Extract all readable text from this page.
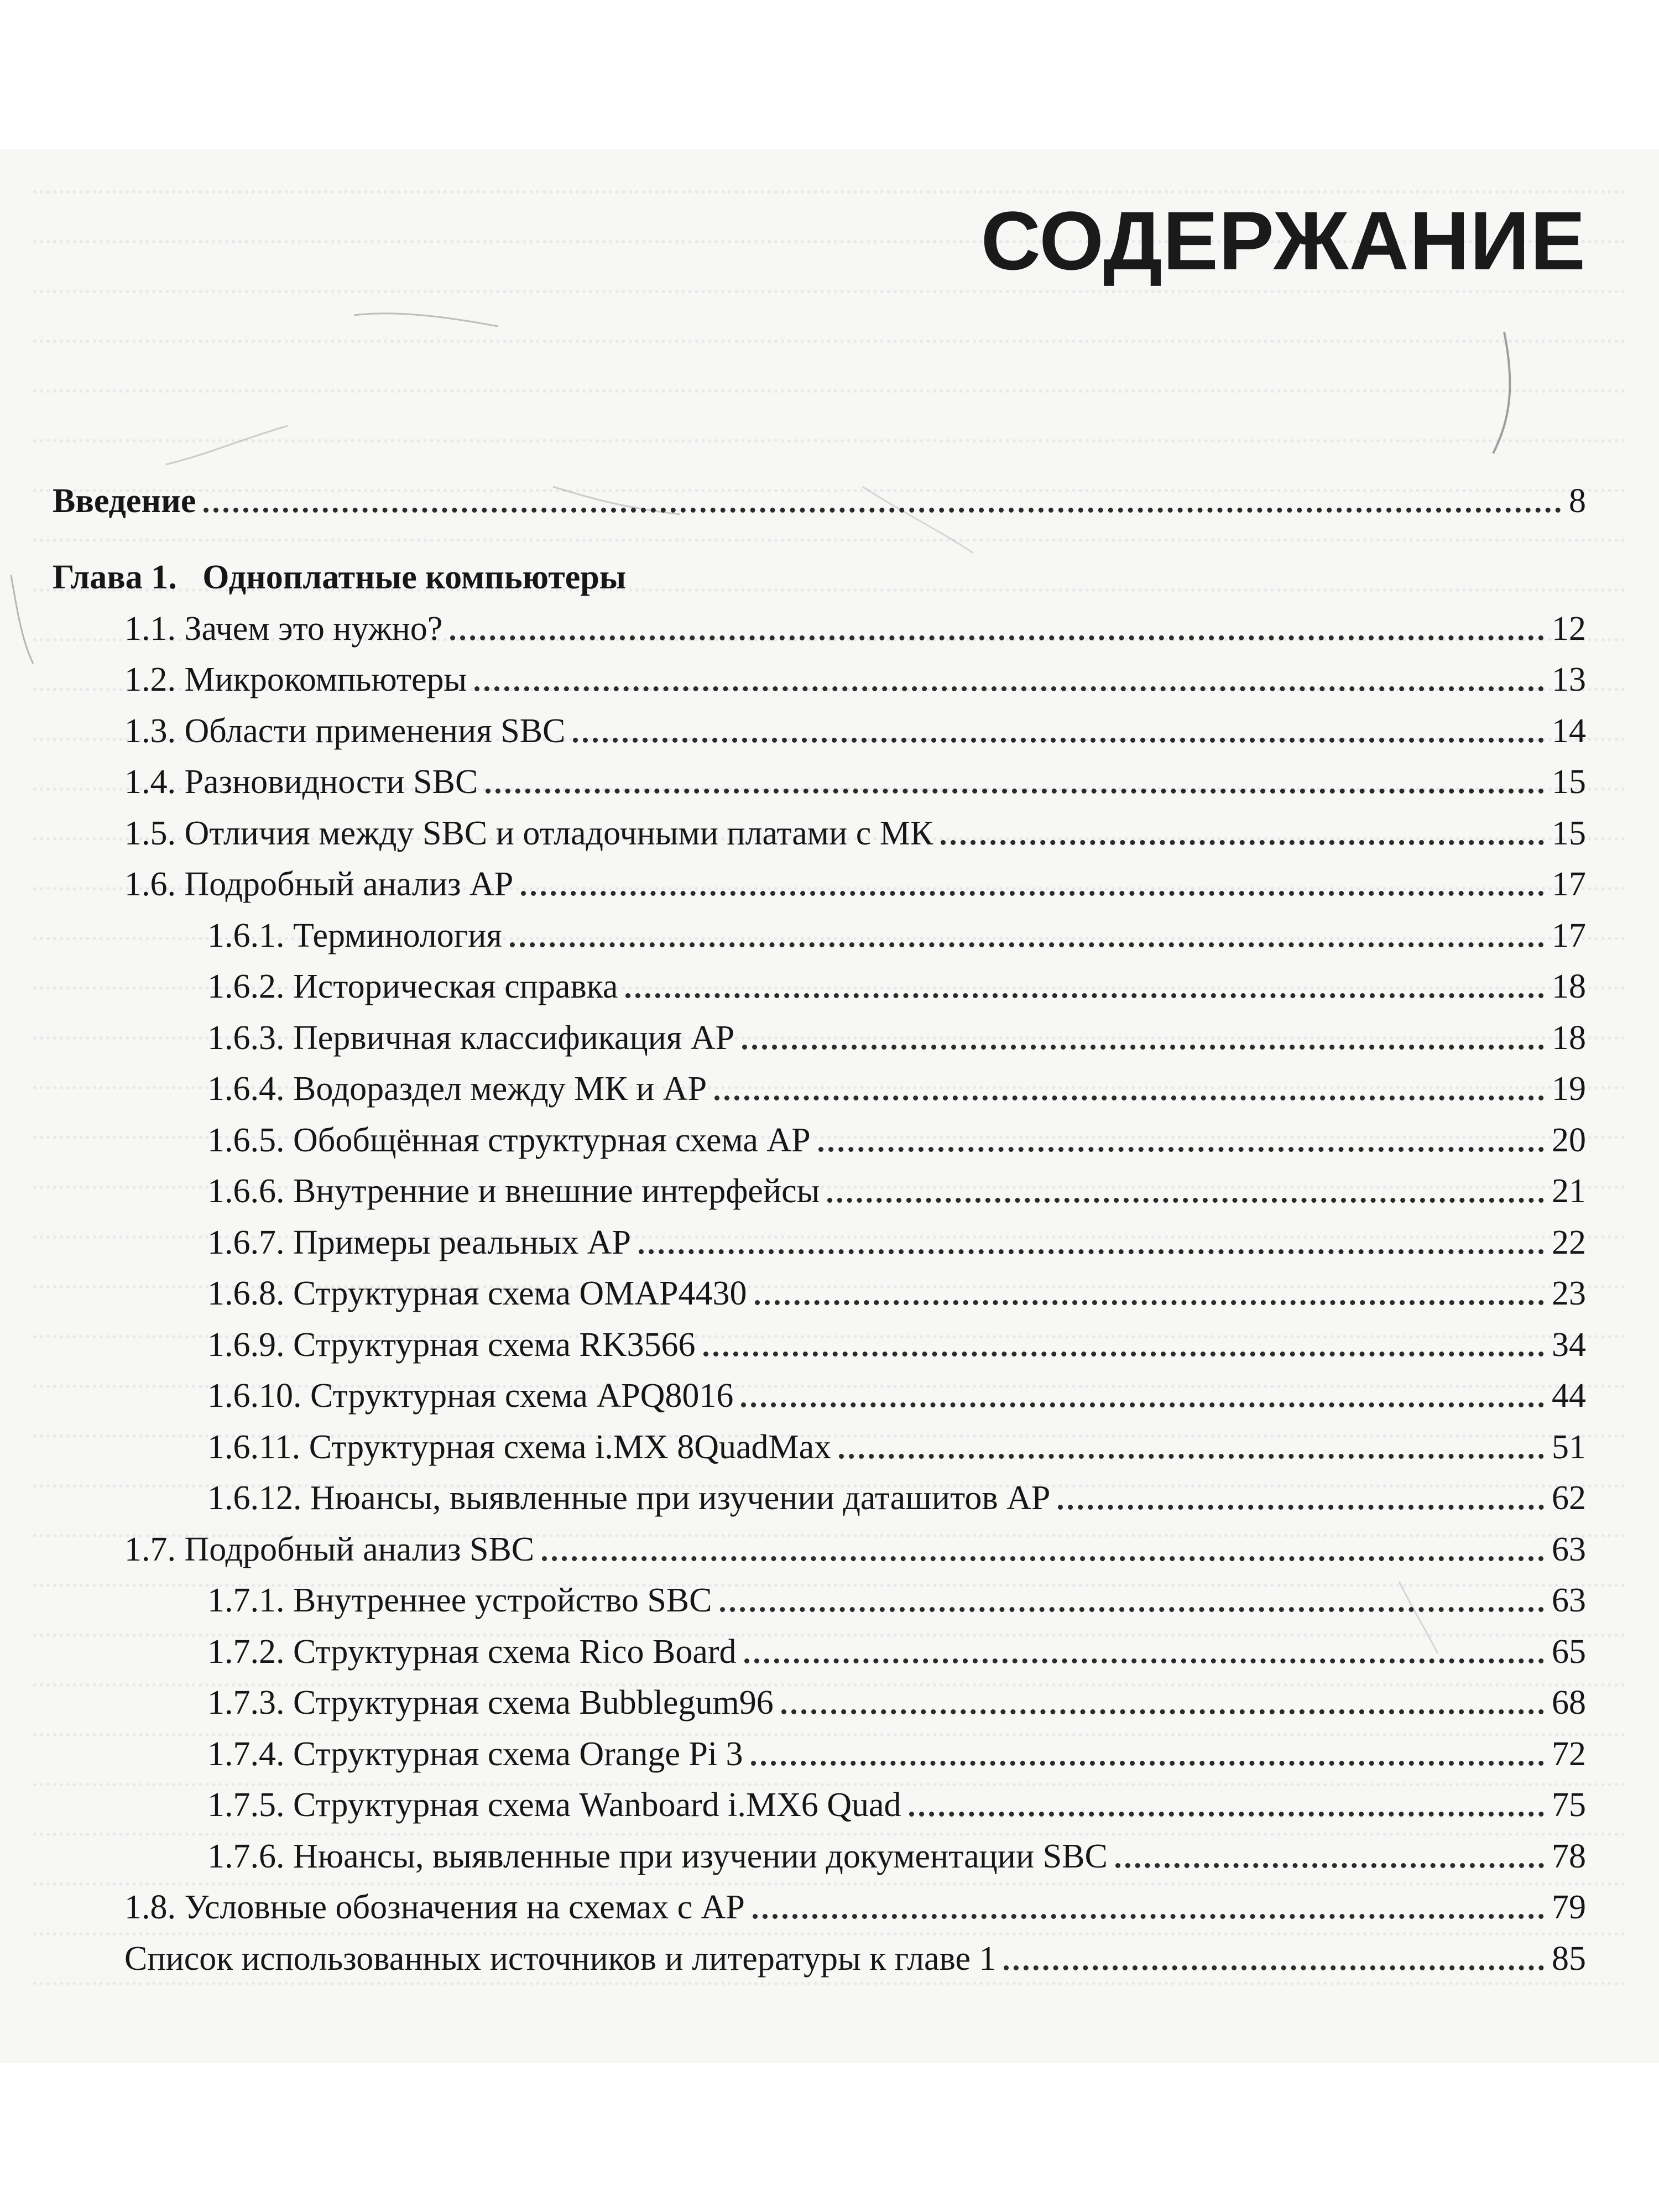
СОДЕРЖАНИЕ
Введение	8
Глава 1.   Одноплатные компьютеры
1.1. Зачем это нужно?	12
1.2. Микрокомпьютеры	13
1.3. Области применения SBC	14
1.4. Разновидности SBC	15
1.5. Отличия между SBC и отладочными платами с МК	15
1.6. Подробный анализ AP	17
1.6.1. Терминология	17
1.6.2. Историческая справка	18
1.6.3. Первичная классификация AP	18
1.6.4. Водораздел между МК и AP	19
1.6.5. Обобщённая структурная схема AP	20
1.6.6. Внутренние и внешние интерфейсы	21
1.6.7. Примеры реальных AP	22
1.6.8. Структурная схема OMAP4430	23
1.6.9. Структурная схема RK3566	34
1.6.10. Структурная схема APQ8016	44
1.6.11. Структурная схема i.MX 8QuadMax	51
1.6.12. Нюансы, выявленные при изучении даташитов AP	62
1.7. Подробный анализ SBC	63
1.7.1. Внутреннее устройство SBC	63
1.7.2. Структурная схема Rico Board	65
1.7.3. Структурная схема Bubblegum96	68
1.7.4. Структурная схема Orange Pi 3	72
1.7.5. Структурная схема Wanboard i.MX6 Quad	75
1.7.6. Нюансы, выявленные при изучении документации SBC	78
1.8. Условные обозначения на схемах с AP	79
Список использованных источников и литературы к главе 1	85
